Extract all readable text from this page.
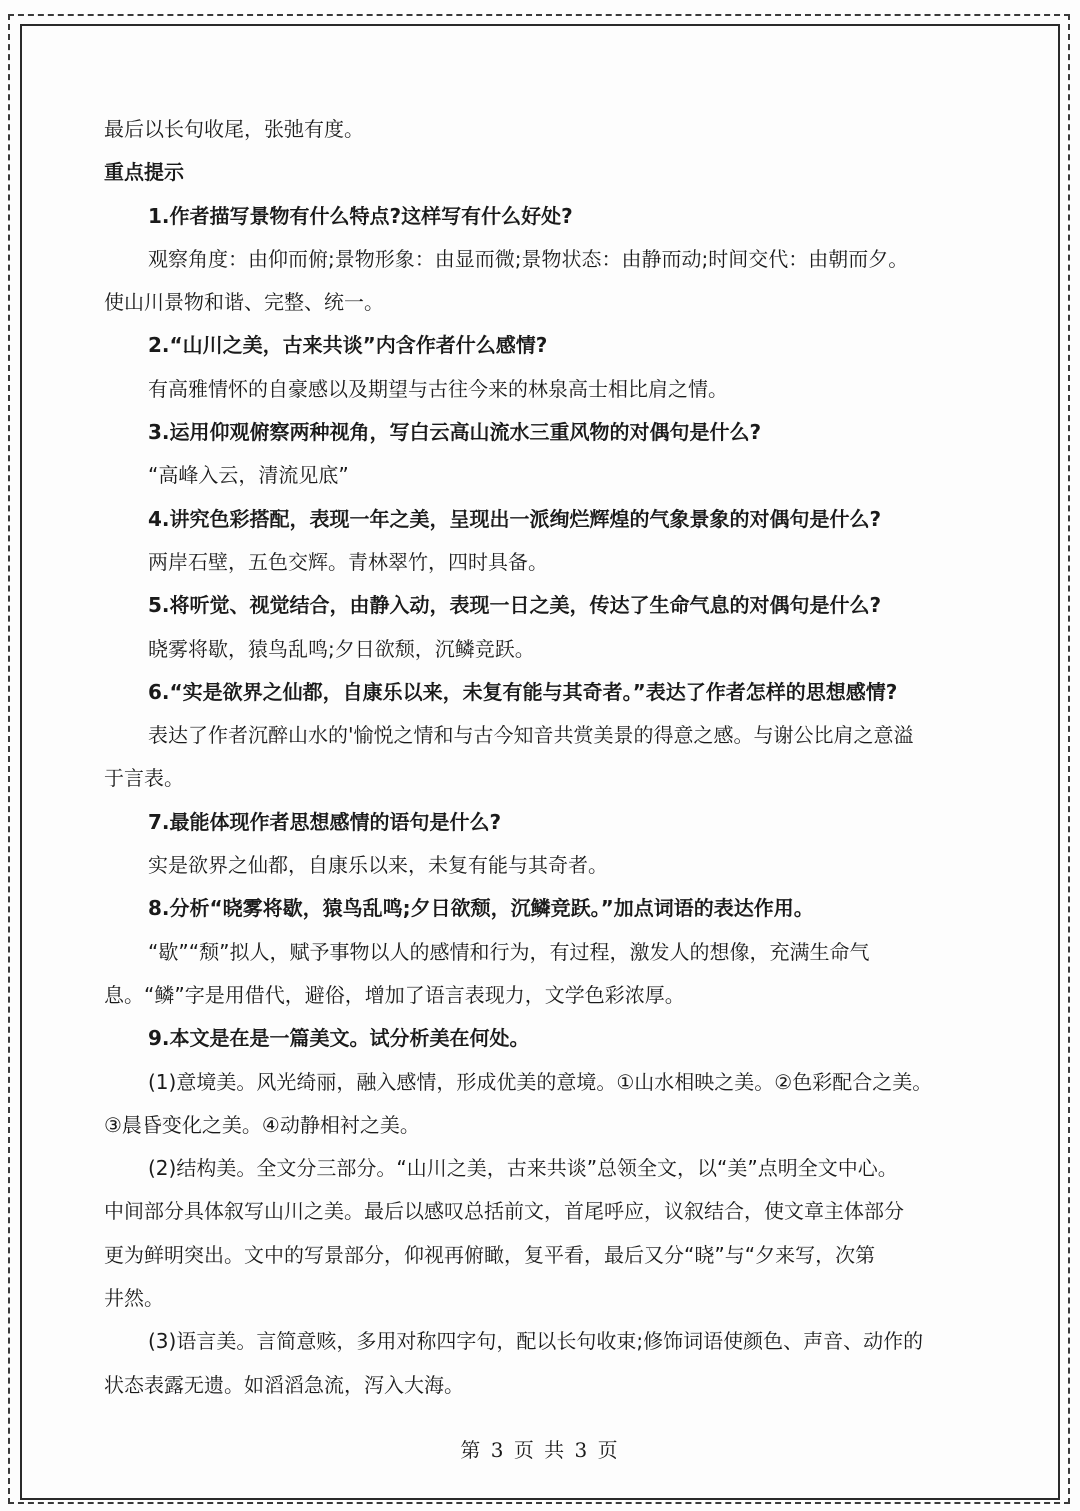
最后以长句收尾，张弛有度。
重点提示
1.作者描写景物有什么特点?这样写有什么好处?
观察角度：由仰而俯;景物形象：由显而微;景物状态：由静而动;时间交代：由朝而夕。
使山川景物和谐、完整、统一。
2.“山川之美，古来共谈”内含作者什么感情?
有高雅情怀的自豪感以及期望与古往今来的林泉高士相比肩之情。
3.运用仰观俯察两种视角，写白云高山流水三重风物的对偶句是什么?
“高峰入云，清流见底”
4.讲究色彩搭配，表现一年之美，呈现出一派绚烂辉煌的气象景象的对偶句是什么?
两岸石壁，五色交辉。青林翠竹，四时具备。
5.将听觉、视觉结合，由静入动，表现一日之美，传达了生命气息的对偶句是什么?
晓雾将歇，猿鸟乱鸣;夕日欲颓，沉鳞竞跃。
6.“实是欲界之仙都，自康乐以来，未复有能与其奇者。”表达了作者怎样的思想感情?
表达了作者沉醉山水的'愉悦之情和与古今知音共赏美景的得意之感。与谢公比肩之意溢
于言表。
7.最能体现作者思想感情的语句是什么?
实是欲界之仙都，自康乐以来，未复有能与其奇者。
8.分析“晓雾将歇，猿鸟乱鸣;夕日欲颓，沉鳞竞跃。”加点词语的表达作用。
“歇”“颓”拟人，赋予事物以人的感情和行为，有过程，激发人的想像，充满生命气
息。“鳞”字是用借代，避俗，增加了语言表现力，文学色彩浓厚。
9.本文是在是一篇美文。试分析美在何处。
(1)意境美。风光绮丽，融入感情，形成优美的意境。①山水相映之美。②色彩配合之美。
③晨昏变化之美。④动静相衬之美。
(2)结构美。全文分三部分。“山川之美，古来共谈”总领全文，以“美”点明全文中心。
中间部分具体叙写山川之美。最后以感叹总括前文，首尾呼应，议叙结合，使文章主体部分
更为鲜明突出。文中的写景部分，仰视再俯瞰，复平看，最后又分“晓”与“夕来写，次第
井然。
(3)语言美。言简意赅，多用对称四字句，配以长句收束;修饰词语使颜色、声音、动作的
状态表露无遗。如滔滔急流，泻入大海。
第 3 页 共 3 页
